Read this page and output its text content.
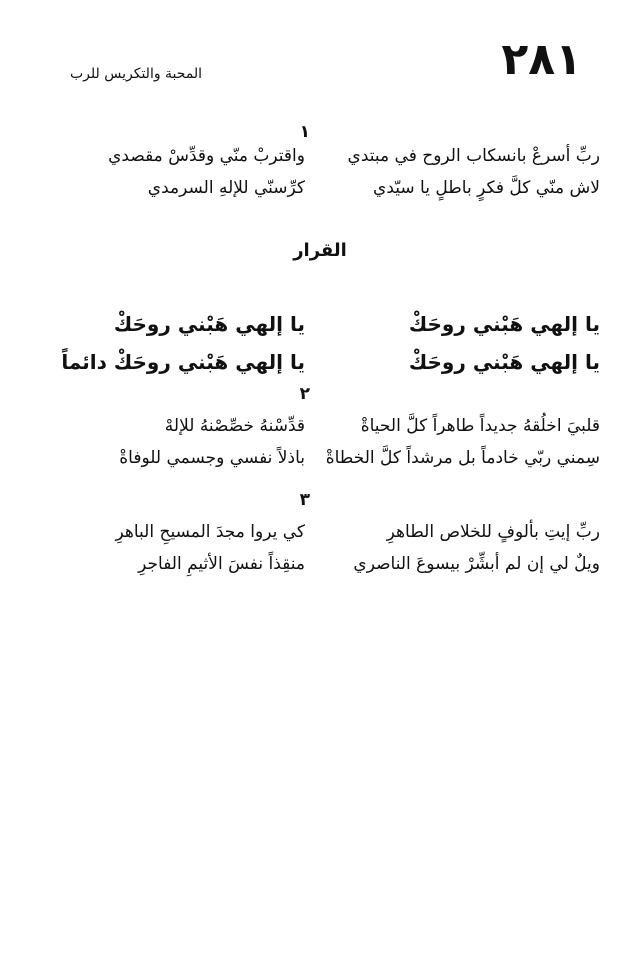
٢٨١
المحبة والتكريس للرب
١
ربِّ أسرعْ بانسكاب الروح في مبتدي
واقتربْ منّي وقدِّسْ مقصدي
لاش منّي كلَّ فكرٍ باطلٍ يا سيّدي
كرِّسنّي للإلهِ السرمدي
القرار
يا إلهي هَبْني روحَكْ
يا إلهي هَبْني روحَكْ
يا إلهي هَبْني روحَكْ
يا إلهي هَبْني روحَكْ دائماً
٢
قلبيَ اخلُقهُ جديداً طاهراً كلَّ الحياةْ
قدِّسْنهُ خصِّصْنهُ للإلهْ
سِمني ربّي خادماً بل مرشداً كلَّ الخطاةْ
باذلاً نفسي وجسمي للوفاةْ
٣
ربِّ إيتِ بألوفٍ للخلاص الطاهرِ
كي يروا مجدَ المسيحِ الباهرِ
ويلٌ لي إن لم أبشِّرْ بيسوعَ الناصري
منقِذاً نفسَ الأثيمِ الفاجرِ
